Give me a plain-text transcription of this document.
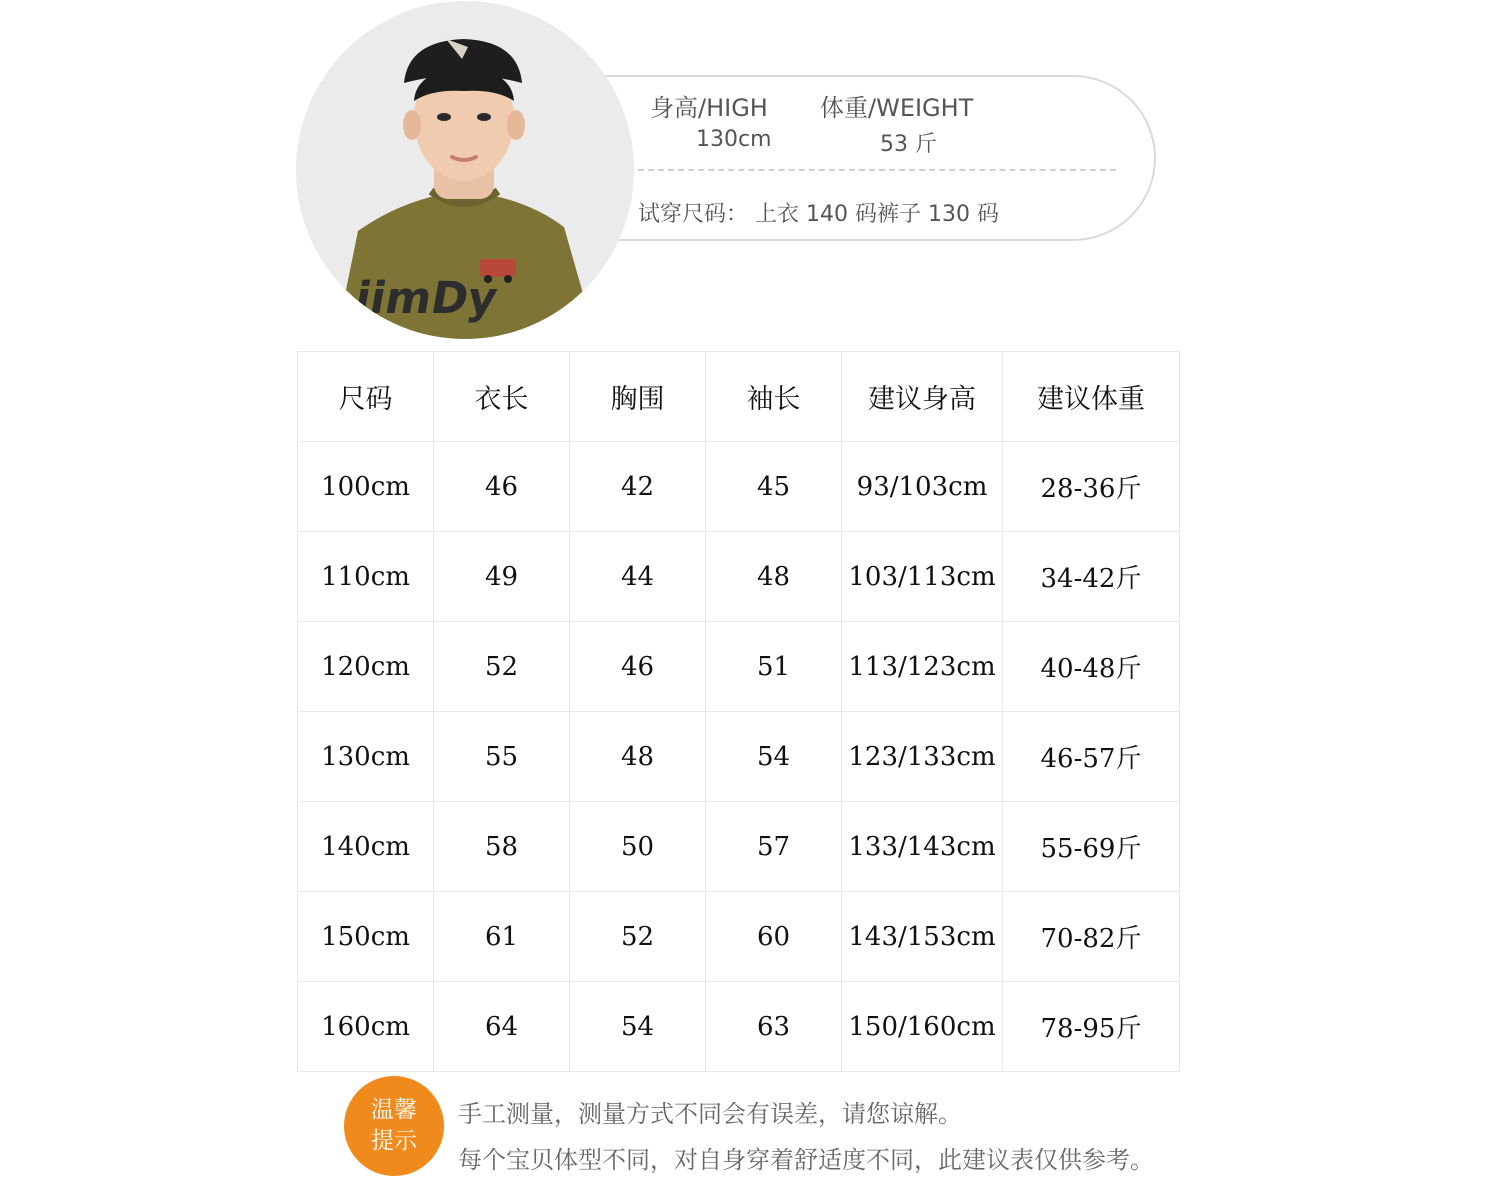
jimDy
身高/HIGH
130cm
体重/WEIGHT
53 斤
试穿尺码： 上衣 140 码裤子 130 码
尺码	衣长	胸围	袖长	建议身高	建议体重
100cm	46	42	45	93/103cm	28-36斤
110cm	49	44	48	103/113cm	34-42斤
120cm	52	46	51	113/123cm	40-48斤
130cm	55	48	54	123/133cm	46-57斤
140cm	58	50	57	133/143cm	55-69斤
150cm	61	52	60	143/153cm	70-82斤
160cm	64	54	63	150/160cm	78-95斤
温馨
提示
手工测量，测量方式不同会有误差，请您谅解。
每个宝贝体型不同，对自身穿着舒适度不同，此建议表仅供参考。
